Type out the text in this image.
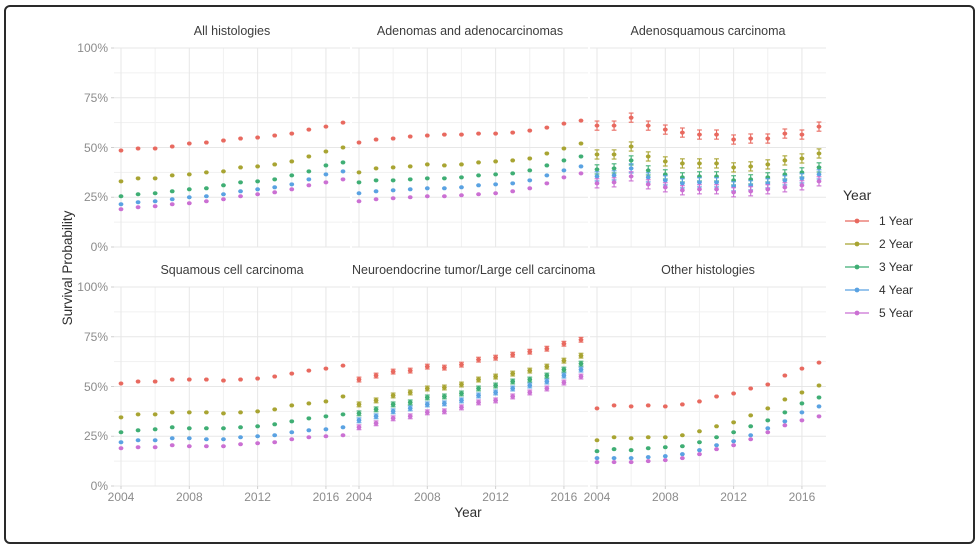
All histologies	Adenomas and adenocarcinomas	Adenosquamous carcinoma
Squamous cell carcinoma	Neuroendocrine tumor/Large cell carcinoma	Other histologies
0%
25%
50%
75%
100%
0%
25%
50%
75%
100%
2004	2008	2012	2016 2004	2008	2012	2016 2004	2008	2012	2016
Survival Probability
Year
Year
1 Year
2 Year
3 Year
4 Year
5 Year
